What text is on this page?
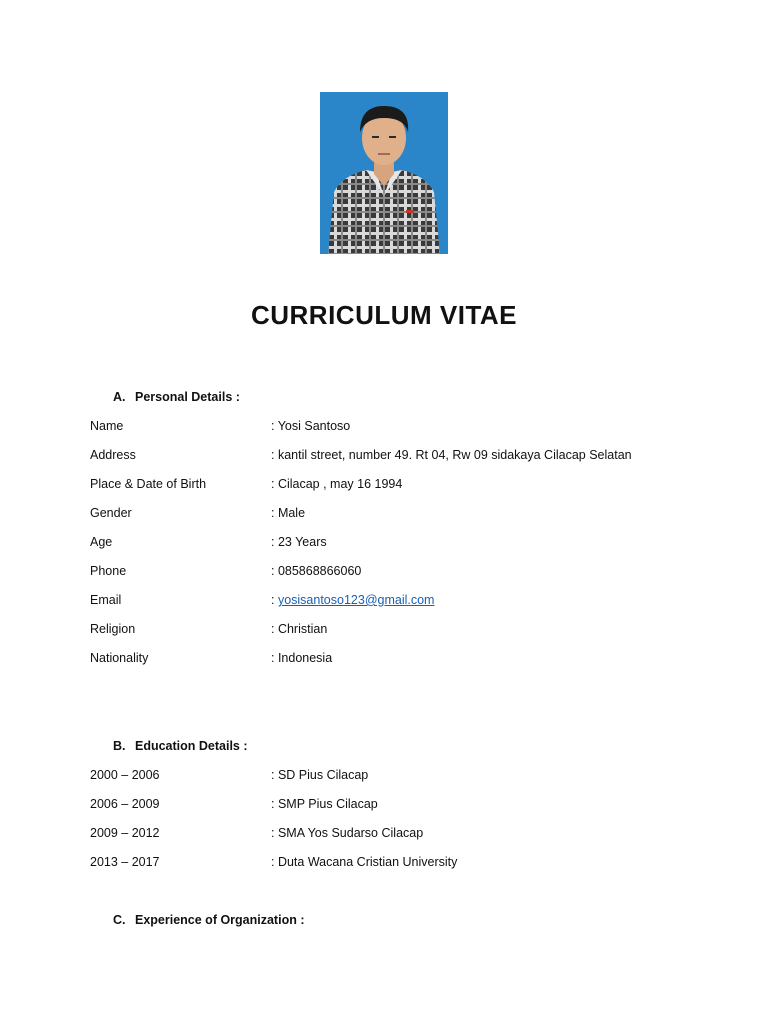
CURRICULUM VITAE
A. Personal Details :
Name	: Yosi Santoso
Address	: kantil street, number 49. Rt 04, Rw 09 sidakaya Cilacap Selatan
Place & Date of Birth	: Cilacap , may 16 1994
Gender	: Male
Age	: 23 Years
Phone	: 085868866060
Email	: yosisantoso123@gmail.com
Religion	: Christian
Nationality	: Indonesia
B. Education Details :
2000 – 2006	: SD Pius Cilacap
2006 – 2009	: SMP Pius Cilacap
2009 – 2012	: SMA Yos Sudarso Cilacap
2013 – 2017	: Duta Wacana Cristian University
C. Experience of Organization :
